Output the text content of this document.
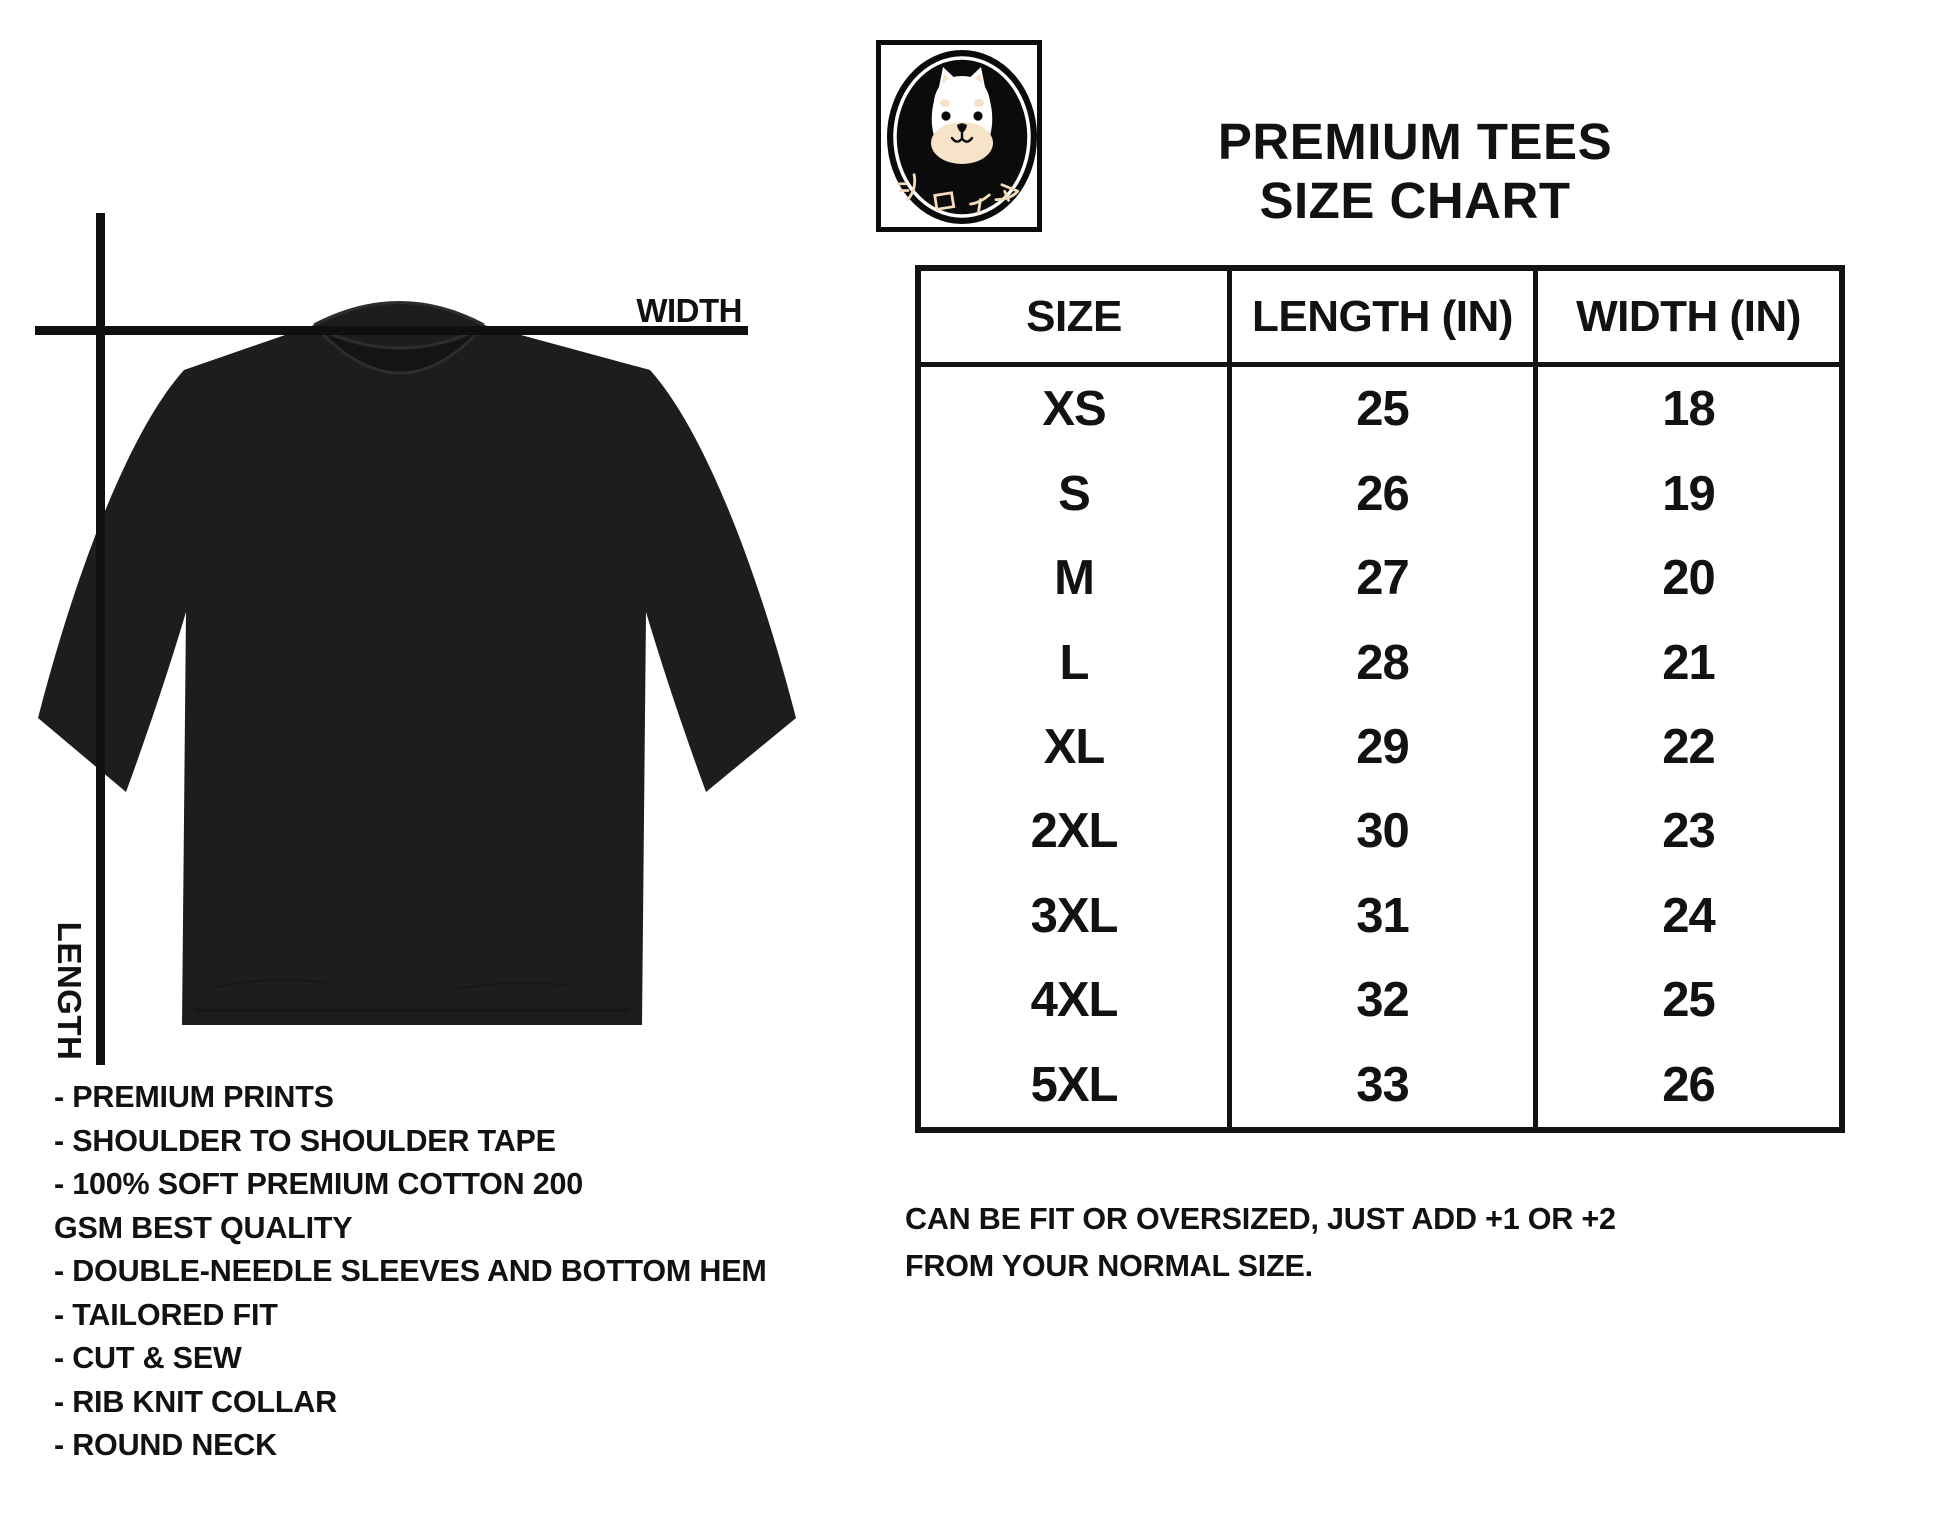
WIDTH
LENGTH
- PREMIUM PRINTS
- SHOULDER TO SHOULDER TAPE
- 100% SOFT PREMIUM COTTON 200
GSM BEST QUALITY
- DOUBLE-NEEDLE SLEEVES AND BOTTOM HEM
- TAILORED FIT
- CUT & SEW
- RIB KNIT COLLAR
- ROUND NECK
PREMIUM TEES
SIZE CHART
SIZE	LENGTH (IN)	WIDTH (IN)
XS	25	18
S	26	19
M	27	20
L	28	21
XL	29	22
2XL	30	23
3XL	31	24
4XL	32	25
5XL	33	26
CAN BE FIT OR OVERSIZED, JUST ADD +1 OR +2
FROM YOUR NORMAL SIZE.
